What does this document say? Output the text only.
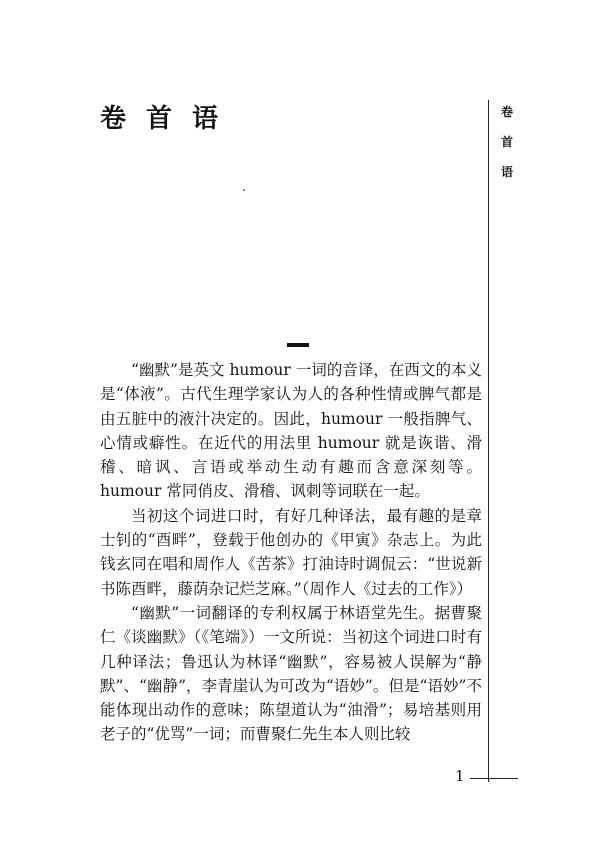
卷首语	卷首语

“幽默”是英文 humour 一词的音译，在西文的本义是“体液”。古代生理学家认为人的各种性情或脾气都是由五脏中的液汁决定的。因此，humour 一般指脾气、心情或癖性。在近代的用法里 humour 就是诙谐、滑稽、暗讽、言语或举动生动有趣而含意深刻等。humour 常同俏皮、滑稽、讽刺等词联在一起。

当初这个词进口时，有好几种译法，最有趣的是章士钊的“酉畔”，登载于他创办的《甲寅》杂志上。为此钱玄同在唱和周作人《苦茶》打油诗时调侃云：“世说新书陈酉畔，藤荫杂记烂芝麻。”（周作人《过去的工作》）

“幽默”一词翻译的专利权属于林语堂先生。据曹聚仁《谈幽默》（《笔端》）一文所说：当初这个词进口时有几种译法；鲁迅认为林译“幽默”，容易被人误解为“静默”、“幽静”，李青崖认为可改为“语妙”。但是“语妙”不能体现出动作的意味；陈望道认为“油滑”；易培基则用老子的“优骂”一词；而曹聚仁先生本人则比较

1
